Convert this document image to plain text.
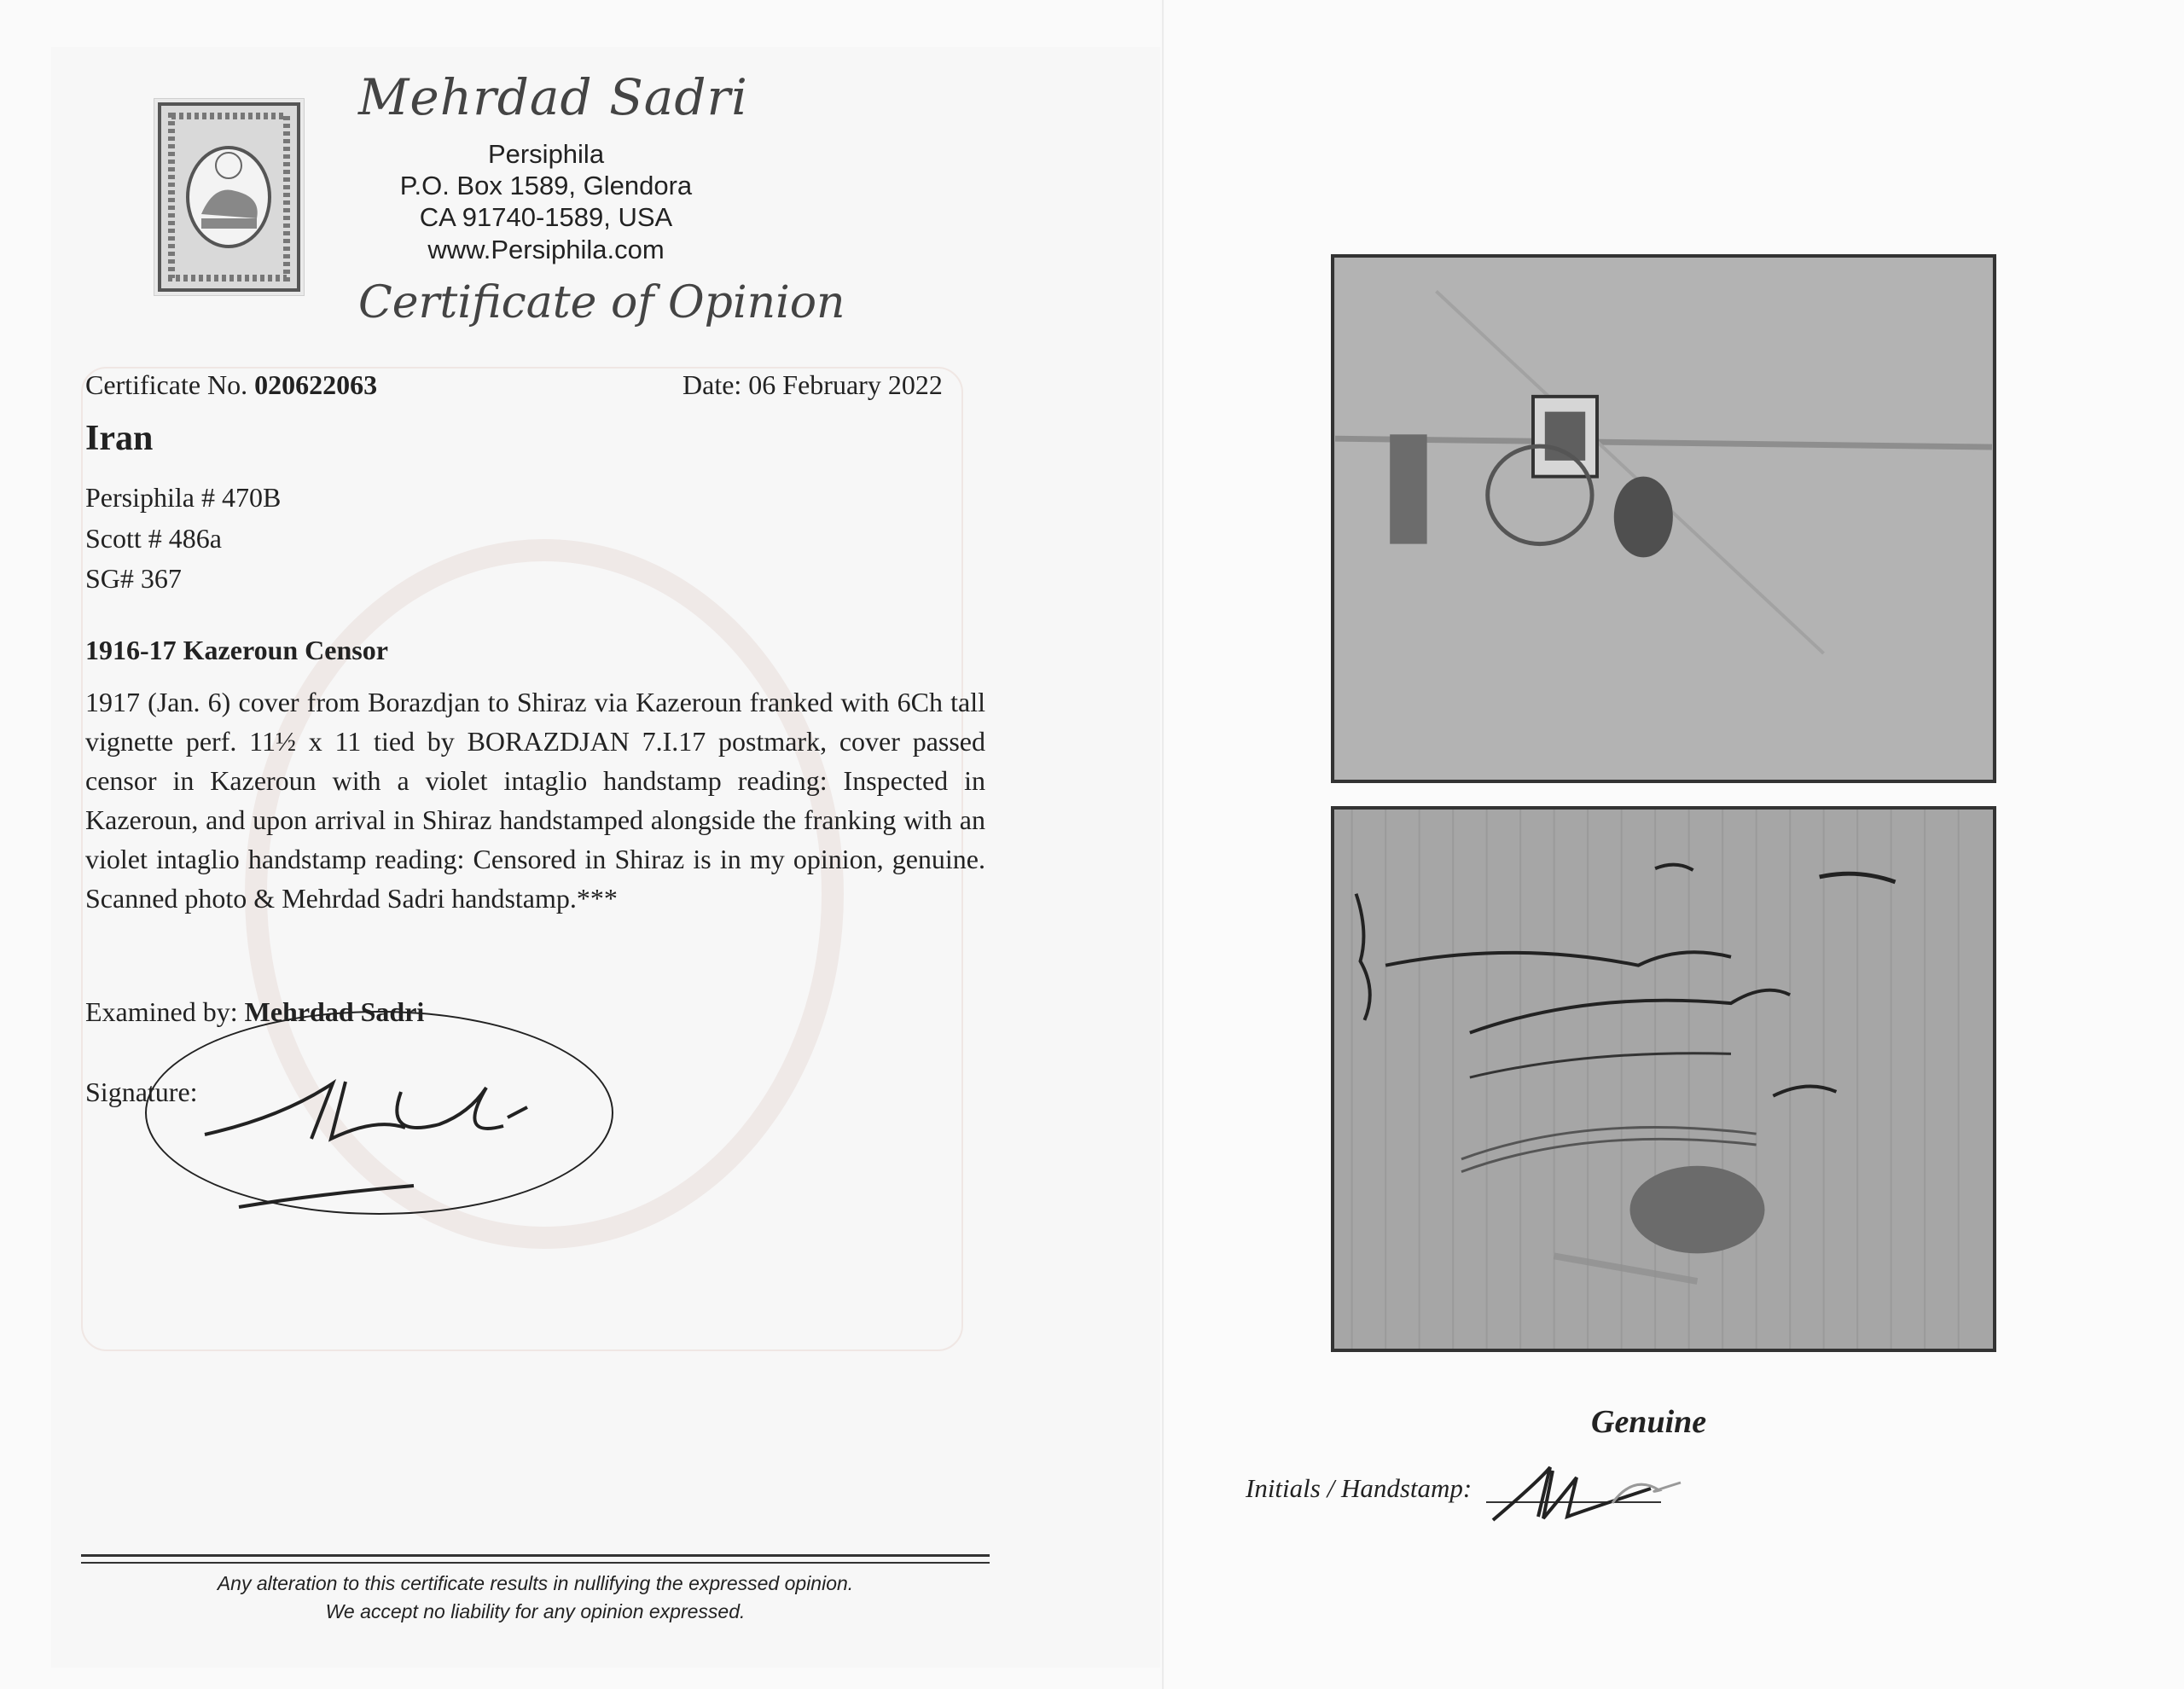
Mehrdad Sadri
Persiphila
P.O. Box 1589, Glendora
CA 91740-1589, USA
www.Persiphila.com
Certificate of Opinion
Certificate No. 020622063	Date: 06 February 2022
Iran
Persiphila # 470B
Scott # 486a
SG# 367
1916-17 Kazeroun Censor
1917 (Jan. 6) cover from Borazdjan to Shiraz via Kazeroun franked with 6Ch tall vignette perf. 11½ x 11 tied by BORAZDJAN 7.I.17 postmark, cover passed censor in Kazeroun with a violet intaglio handstamp reading: Inspected in Kazeroun, and upon arrival in Shiraz handstamped alongside the franking with an violet intaglio handstamp reading: Censored in Shiraz is in my opinion, genuine. Scanned photo & Mehrdad Sadri handstamp.***
Examined by: Mehrdad Sadri
Signature:
Any alteration to this certificate results in nullifying the expressed opinion.
We accept no liability for any opinion expressed.
Genuine
Initials / Handstamp:
